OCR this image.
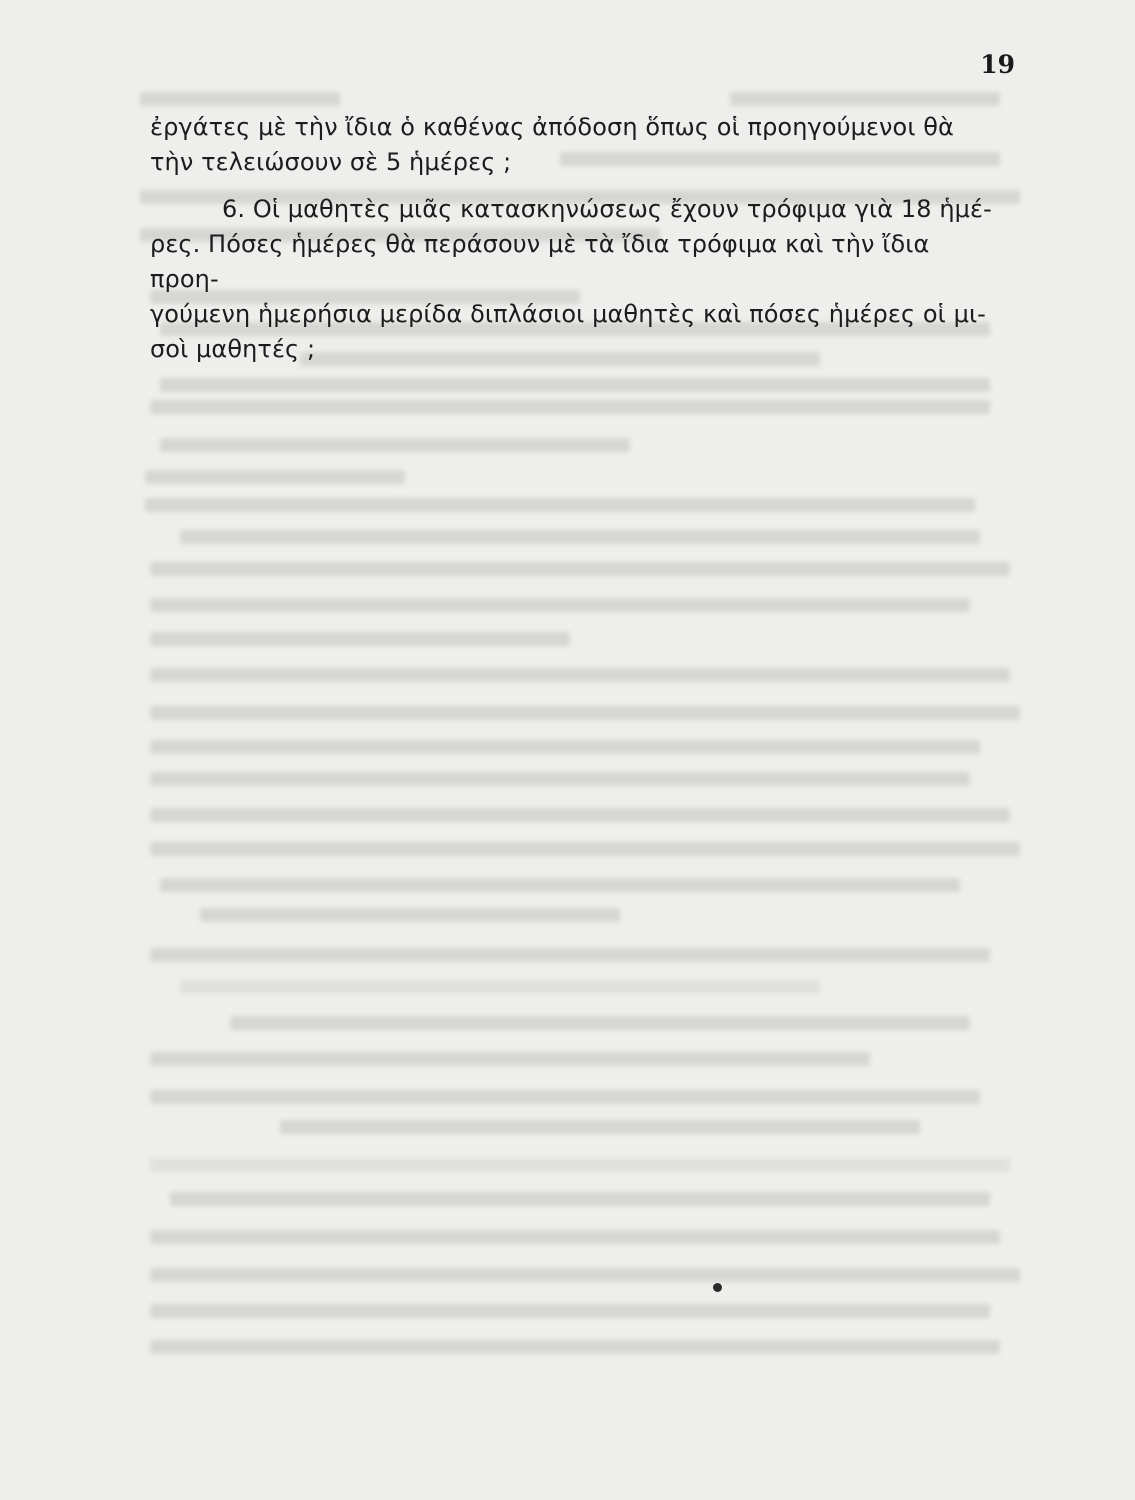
19

ἐργάτες μὲ τὴν ἴδια ὁ καθένας ἀπόδοση ὅπως οἱ προηγούμενοι θὰ

τὴν τελειώσουν σὲ 5 ἡμέρες ;

6. Οἱ μαθητὲς μιᾶς κατασκηνώσεως ἔχουν τρόφιμα γιὰ 18 ἡμέ-

ρες. Πόσες ἡμέρες θὰ περάσουν μὲ τὰ ἴδια τρόφιμα καὶ τὴν ἴδια προη-

γούμενη ἡμερήσια μερίδα διπλάσιοι μαθητὲς καὶ πόσες ἡμέρες οἱ μι-

σοὶ μαθητές ;
